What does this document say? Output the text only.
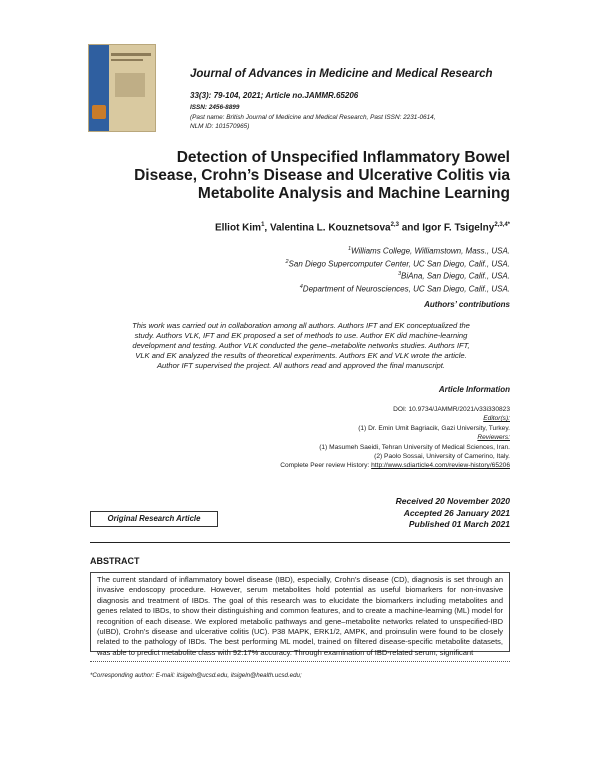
Journal of Advances in Medicine and Medical Research
33(3): 79-104, 2021; Article no.JAMMR.65206
ISSN: 2456-8899
(Past name: British Journal of Medicine and Medical Research, Past ISSN: 2231-0614,
NLM ID: 101570965)
Detection of Unspecified Inflammatory Bowel
Disease, Crohn’s Disease and Ulcerative Colitis via
Metabolite Analysis and Machine Learning
Elliot Kim$^1$, Valentina L. Kouznetsova$^{2,3}$ and Igor F. Tsigelny$^{2,3,4*}$
$^1$Williams College, Williamstown, Mass., USA.
$^2$San Diego Supercomputer Center, UC San Diego, Calif., USA.
$^3$BiAna, San Diego, Calif., USA.
$^4$Department of Neurosciences, UC San Diego, Calif., USA.
Authors’ contributions
This work was carried out in collaboration among all authors. Authors IFT and EK conceptualized the
study. Authors VLK, IFT and EK proposed a set of methods to use. Author EK did machine-learning
development and testing. Author VLK conducted the gene–metabolite networks studies. Authors IFT,
VLK and EK analyzed the results of theoretical experiments. Authors EK and VLK wrote the article.
Author IFT supervised the project. All authors read and approved the final manuscript.
Article Information
DOI: 10.9734/JAMMR/2021/v33i330823
Editor(s):
(1) Dr. Emin Umit Bagriacik, Gazi University, Turkey.
Reviewers:
(1) Masumeh Saeidi, Tehran University of Medical Sciences, Iran.
(2) Paolo Sossai, University of Camerino, Italy.
Complete Peer review History: http://www.sdiarticle4.com/review-history/65206
Received 20 November 2020
Accepted 26 January 2021
Published 01 March 2021
Original Research Article
ABSTRACT
The current standard of inflammatory bowel disease (IBD), especially, Crohn’s disease (CD), diagnosis is set through an invasive endoscopy procedure. However, serum metabolites hold potential as useful biomarkers for non-invasive diagnosis and treatment of IBDs. The goal of this research was to elucidate the biomarkers including metabolites and genes related to IBDs, to show their distinguishing and common features, and to create a machine-learning (ML) model for recognition of each disease. We explored metabolic pathways and gene–metabolite networks related to unspecified-IBD (uIBD), Crohn’s disease and ulcerative colitis (UC). P38 MAPK, ERK1/2, AMPK, and proinsulin were found to be closely related to the pathology of IBDs. The best performing ML model, trained on filtered disease-specific metabolite datasets, was able to predict metabolite class with 92.17% accuracy. Through examination of IBD-related serum, significant
*Corresponding author: E-mail: itsigeln@ucsd.edu, itsigeln@health.ucsd.edu;
